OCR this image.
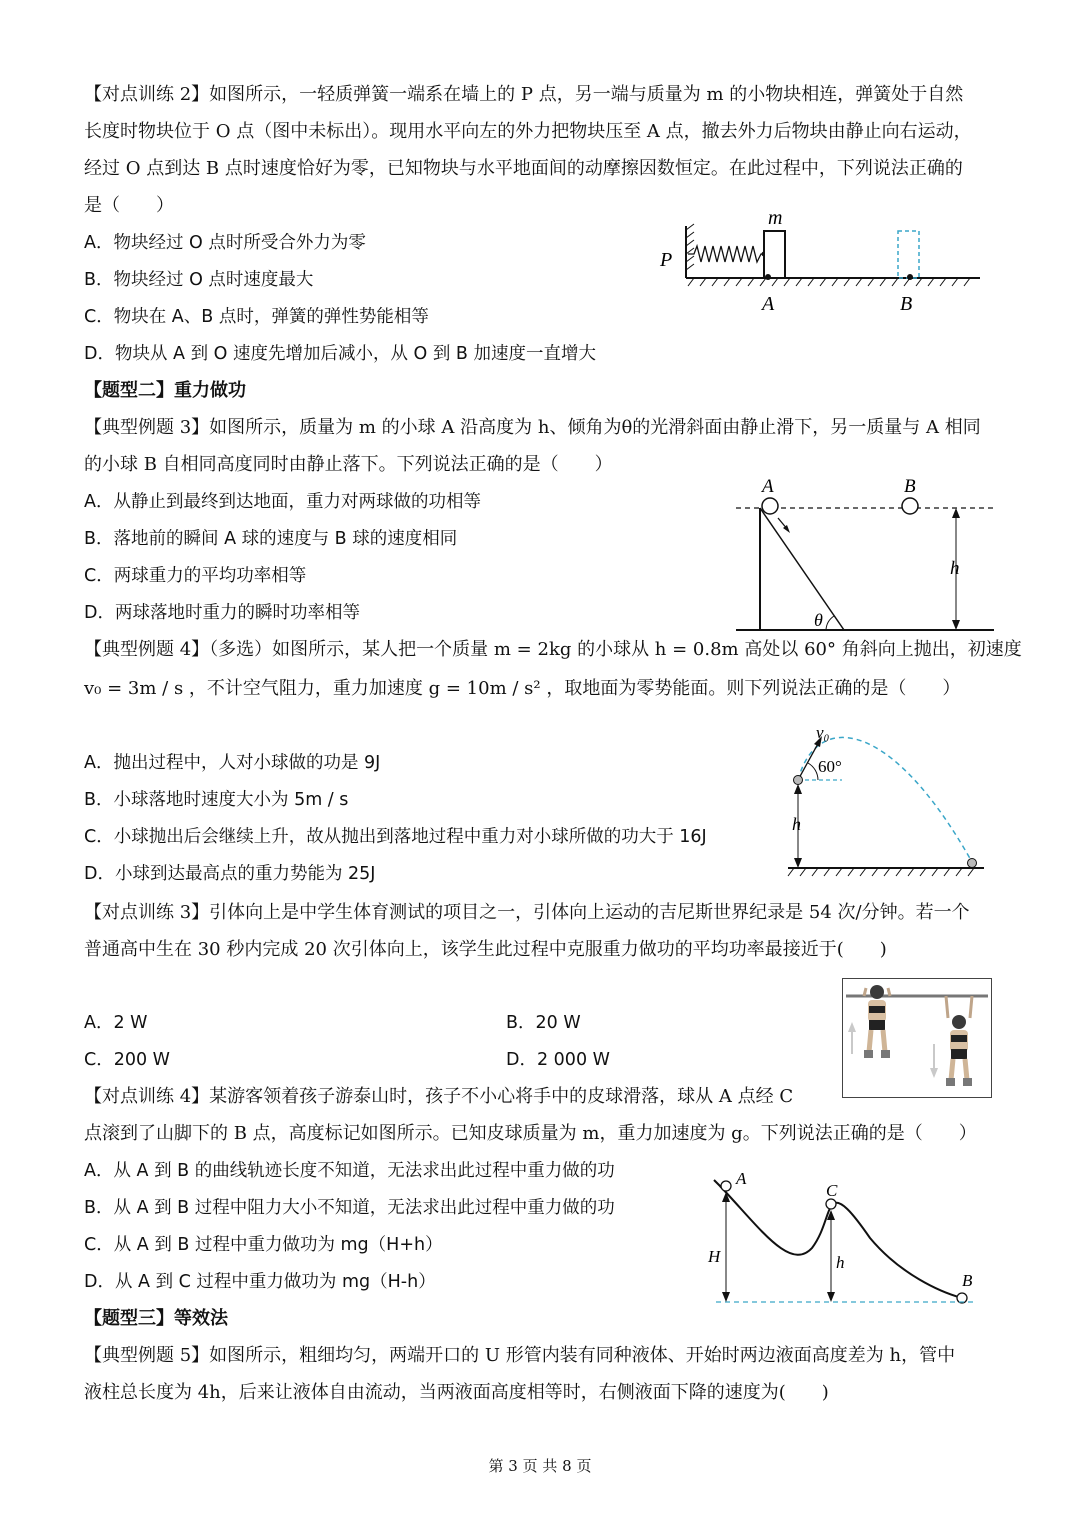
【对点训练 2】如图所示，一轻质弹簧一端系在墙上的 P 点，另一端与质量为 m 的小物块相连，弹簧处于自然
长度时物块位于 O 点（图中未标出）。现用水平向左的外力把物块压至 A 点，撤去外力后物块由静止向右运动，
经过 O 点到达 B 点时速度恰好为零，已知物块与水平地面间的动摩擦因数恒定。在此过程中，下列说法正确的
是（　　）
A．物块经过 O 点时所受合外力为零
B．物块经过 O 点时速度最大
C．物块在 A、B 点时，弹簧的弹性势能相等
D．物块从 A 到 O 速度先增加后减小，从 O 到 B 加速度一直增大
m
P
A	B
【题型二】重力做功
【典型例题 3】如图所示，质量为 m 的小球 A 沿高度为 h、倾角为θ的光滑斜面由静止滑下，另一质量与 A 相同
的小球 B 自相同高度同时由静止落下。下列说法正确的是（　　）
A．从静止到最终到达地面，重力对两球做的功相等
B．落地前的瞬间 A 球的速度与 B 球的速度相同
C．两球重力的平均功率相等
D．两球落地时重力的瞬时功率相等
A	B
h
θ
【典型例题 4】（多选）如图所示，某人把一个质量 m = 2kg 的小球从 h = 0.8m 高处以 60° 角斜向上抛出，初速度
v₀ = 3m / s ，不计空气阻力，重力加速度 g = 10m / s² ，取地面为零势能面。则下列说法正确的是（　　）
A．抛出过程中，人对小球做的功是 9J
B．小球落地时速度大小为 5m / s
C．小球抛出后会继续上升，故从抛出到落地过程中重力对小球所做的功大于 16J
D．小球到达最高点的重力势能为 25J
v₀
60°
h
【对点训练 3】引体向上是中学生体育测试的项目之一，引体向上运动的吉尼斯世界纪录是 54 次/分钟。若一个
普通高中生在 30 秒内完成 20 次引体向上，该学生此过程中克服重力做功的平均功率最接近于(　　)
A．2 W	B．20 W
C．200 W	D．2 000 W
【对点训练 4】某游客领着孩子游泰山时，孩子不小心将手中的皮球滑落，球从 A 点经 C
点滚到了山脚下的 B 点，高度标记如图所示。已知皮球质量为 m，重力加速度为 g。下列说法正确的是（　　）
A．从 A 到 B 的曲线轨迹长度不知道，无法求出此过程中重力做的功
B．从 A 到 B 过程中阻力大小不知道，无法求出此过程中重力做的功
C．从 A 到 B 过程中重力做功为 mg（H+h）
D．从 A 到 C 过程中重力做功为 mg（H-h）
A
C
B
H	h
【题型三】等效法
【典型例题 5】如图所示，粗细均匀，两端开口的 U 形管内装有同种液体、开始时两边液面高度差为 h，管中
液柱总长度为 4h，后来让液体自由流动，当两液面高度相等时，右侧液面下降的速度为(　　)
第 3 页 共 8 页
